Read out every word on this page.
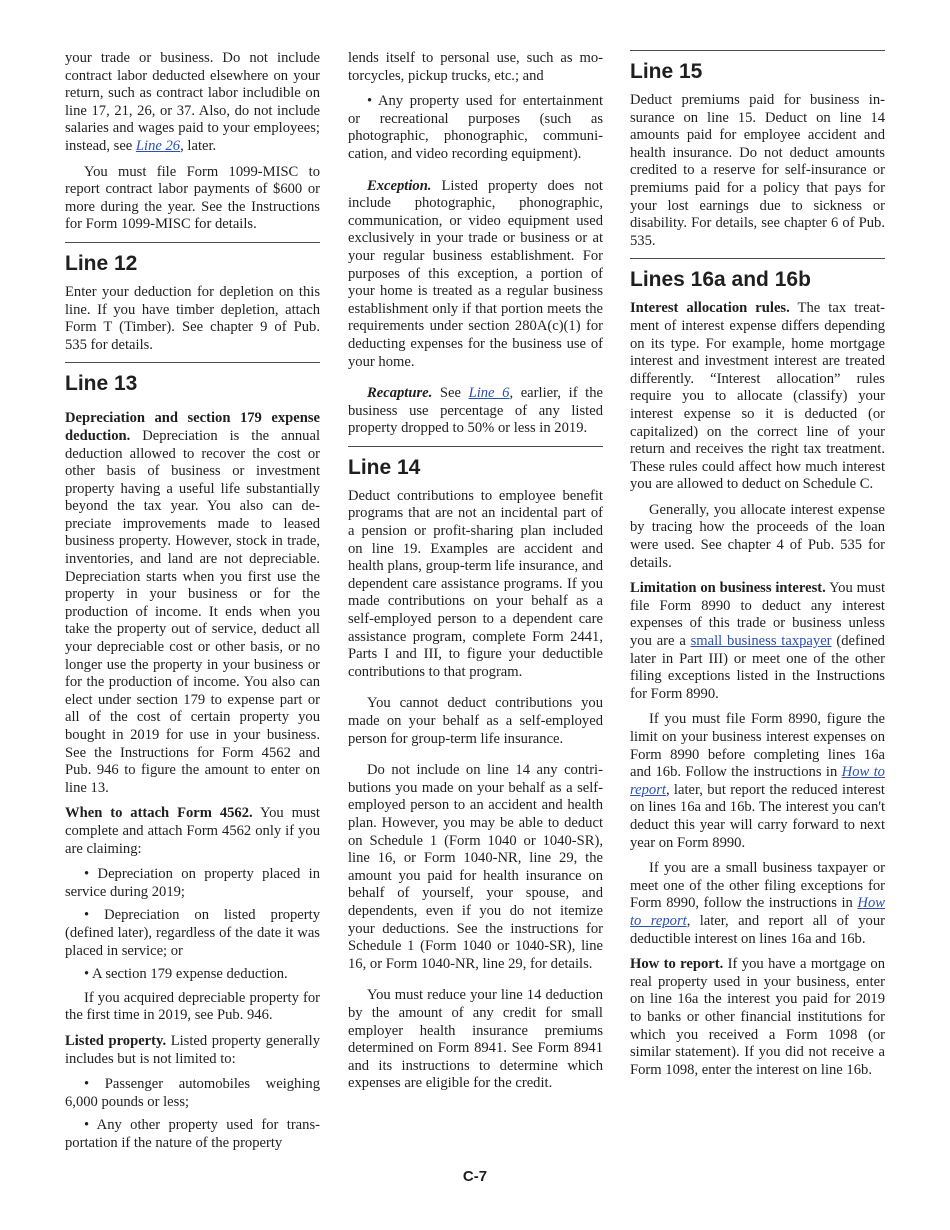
your trade or business. Do not include contract labor deducted elsewhere on your return, such as contract labor includible on line 17, 21, 26, or 37. Also, do not include salaries and wages paid to your employees; instead, see Line 26, later.

You must file Form 1099-MISC to report contract labor payments of $600 or more during the year. See the Instructions for Form 1099-MISC for details.

Line 12

Enter your deduction for depletion on this line. If you have timber depletion, attach Form T (Timber). See chapter 9 of Pub. 535 for details.

Line 13

Depreciation and section 179 expense deduction. Depreciation is the annual deduction allowed to recover the cost or other basis of business or investment property having a useful life substantially beyond the tax year. You also can depreciate improvements made to leased business property. However, stock in trade, inventories, and land are not depreciable. Depreciation starts when you first use the property in your business or for the production of income. It ends when you take the property out of service, deduct all your depreciable cost or other basis, or no longer use the property in your business or for the production of income. You also can elect under section 179 to expense part or all of the cost of certain property you bought in 2019 for use in your business. See the Instructions for Form 4562 and Pub. 946 to figure the amount to enter on line 13.

When to attach Form 4562. You must complete and attach Form 4562 only if you are claiming:

• Depreciation on property placed in service during 2019;

• Depreciation on listed property (defined later), regardless of the date it was placed in service; or

• A section 179 expense deduction.

If you acquired depreciable property for the first time in 2019, see Pub. 946.

Listed property. Listed property generally includes but is not limited to:

• Passenger automobiles weighing 6,000 pounds or less;

• Any other property used for transportation if the nature of the property

lends itself to personal use, such as motorcycles, pickup trucks, etc.; and

• Any property used for entertainment or recreational purposes (such as photographic, phonographic, communication, and video recording equipment).

Exception. Listed property does not include photographic, phonographic, communication, or video equipment used exclusively in your trade or business or at your regular business establishment. For purposes of this exception, a portion of your home is treated as a regular business establishment only if that portion meets the requirements under section 280A(c)(1) for deducting expenses for the business use of your home.

Recapture. See Line 6, earlier, if the business use percentage of any listed property dropped to 50% or less in 2019.

Line 14

Deduct contributions to employee benefit programs that are not an incidental part of a pension or profit-sharing plan included on line 19. Examples are accident and health plans, group-term life insurance, and dependent care assistance programs. If you made contributions on your behalf as a self-employed person to a dependent care assistance program, complete Form 2441, Parts I and III, to figure your deductible contributions to that program.

You cannot deduct contributions you made on your behalf as a self-employed person for group-term life insurance.

Do not include on line 14 any contributions you made on your behalf as a self-employed person to an accident and health plan. However, you may be able to deduct on Schedule 1 (Form 1040 or 1040-SR), line 16, or Form 1040-NR, line 29, the amount you paid for health insurance on behalf of yourself, your spouse, and dependents, even if you do not itemize your deductions. See the instructions for Schedule 1 (Form 1040 or 1040-SR), line 16, or Form 1040-NR, line 29, for details.

You must reduce your line 14 deduction by the amount of any credit for small employer health insurance premiums determined on Form 8941. See Form 8941 and its instructions to determine which expenses are eligible for the credit.

Line 15

Deduct premiums paid for business insurance on line 15. Deduct on line 14 amounts paid for employee accident and health insurance. Do not deduct amounts credited to a reserve for self-insurance or premiums paid for a policy that pays for your lost earnings due to sickness or disability. For details, see chapter 6 of Pub. 535.

Lines 16a and 16b

Interest allocation rules. The tax treatment of interest expense differs depending on its type. For example, home mortgage interest and investment interest are treated differently. “Interest allocation” rules require you to allocate (classify) your interest expense so it is deducted (or capitalized) on the correct line of your return and receives the right tax treatment. These rules could affect how much interest you are allowed to deduct on Schedule C.

Generally, you allocate interest expense by tracing how the proceeds of the loan were used. See chapter 4 of Pub. 535 for details.

Limitation on business interest. You must file Form 8990 to deduct any interest expenses of this trade or business unless you are a small business taxpayer (defined later in Part III) or meet one of the other filing exceptions listed in the Instructions for Form 8990.

If you must file Form 8990, figure the limit on your business interest expenses on Form 8990 before completing lines 16a and 16b. Follow the instructions in How to report, later, but report the reduced interest on lines 16a and 16b. The interest you can't deduct this year will carry forward to next year on Form 8990.

If you are a small business taxpayer or meet one of the other filing exceptions for Form 8990, follow the instructions in How to report, later, and report all of your deductible interest on lines 16a and 16b.

How to report. If you have a mortgage on real property used in your business, enter on line 16a the interest you paid for 2019 to banks or other financial institutions for which you received a Form 1098 (or similar statement). If you did not receive a Form 1098, enter the interest on line 16b.

C-7
